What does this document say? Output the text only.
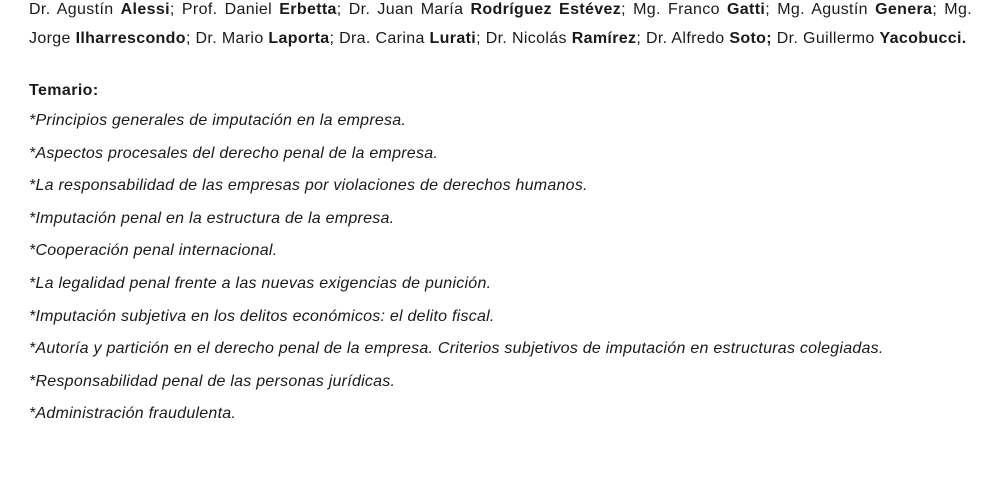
Dr. Agustín Alessi; Prof. Daniel Erbetta; Dr. Juan María Rodríguez Estévez; Mg. Franco Gatti; Mg. Agustín Genera; Mg. Jorge Ilharrescondo; Dr. Mario Laporta; Dra. Carina Lurati; Dr. Nicolás Ramírez; Dr. Alfredo Soto; Dr. Guillermo Yacobucci.

Temario:
*Principios generales de imputación en la empresa.
*Aspectos procesales del derecho penal de la empresa.
*La responsabilidad de las empresas por violaciones de derechos humanos.
*Imputación penal en la estructura de la empresa.
*Cooperación penal internacional.
*La legalidad penal frente a las nuevas exigencias de punición.
*Imputación subjetiva en los delitos económicos: el delito fiscal.
*Autoría y partición en el derecho penal de la empresa. Criterios subjetivos de imputación en estructuras colegiadas.
*Responsabilidad penal de las personas jurídicas.
*Administración fraudulenta.
